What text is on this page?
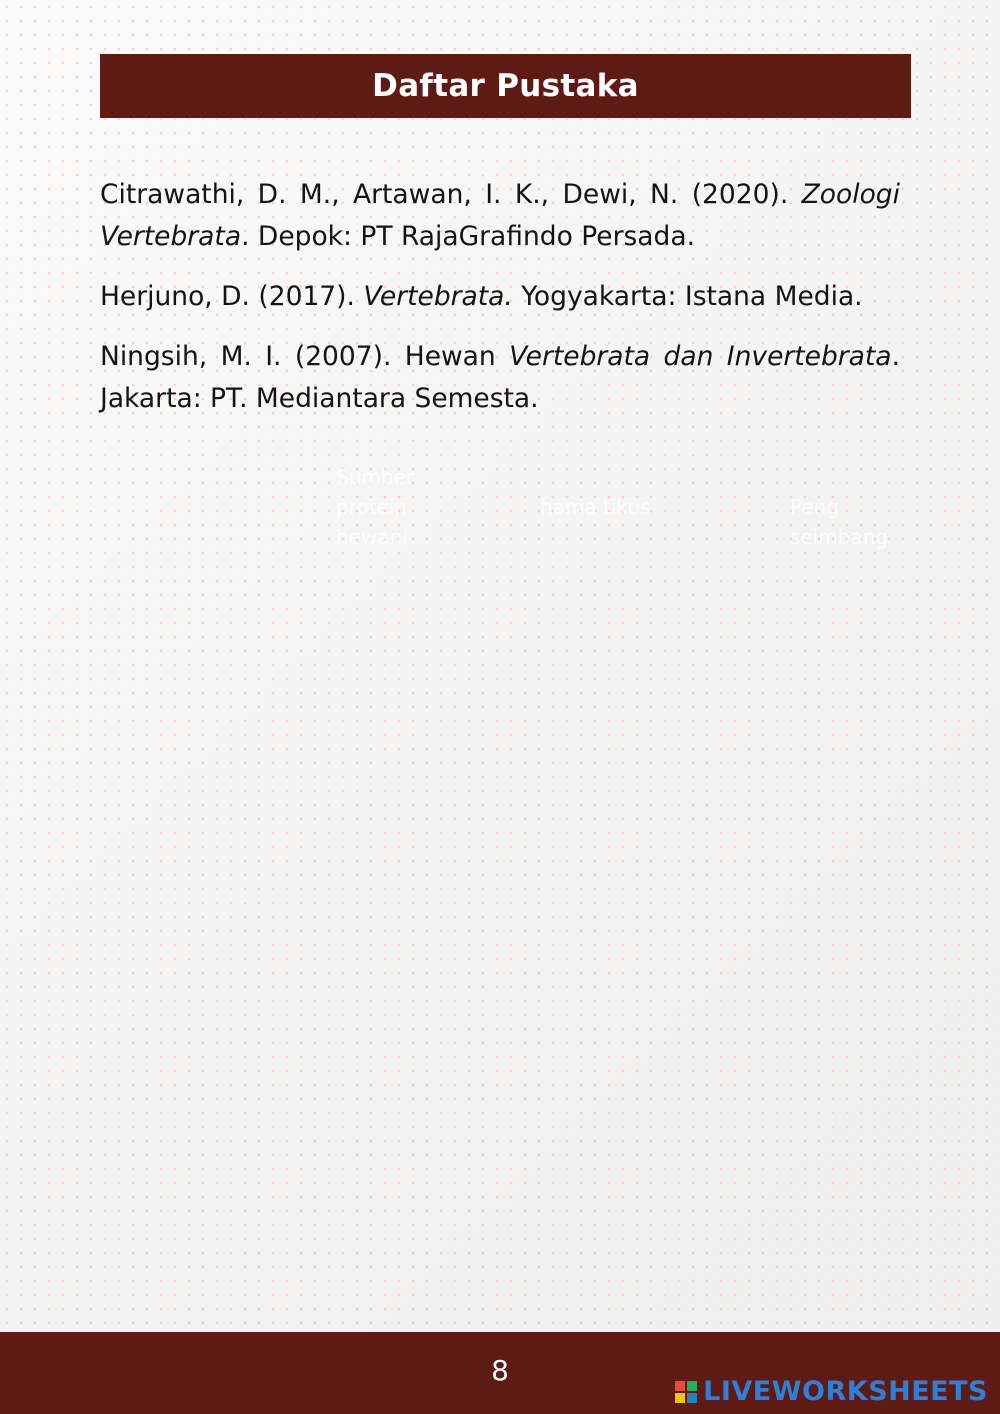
Daftar Pustaka
Sumber
protein
hewani
hama tikus	Peng
seimbang

Citrawathi, D. M., Artawan, I. K., Dewi, N. (2020). Zoologi Vertebrata. Depok: PT RajaGrafindo Persada.

Herjuno, D. (2017). Vertebrata. Yogyakarta: Istana Media.

Ningsih, M. I. (2007). Hewan Vertebrata dan Invertebrata. Jakarta: PT. Mediantara Semesta.

8
LIVEWORKSHEETS
